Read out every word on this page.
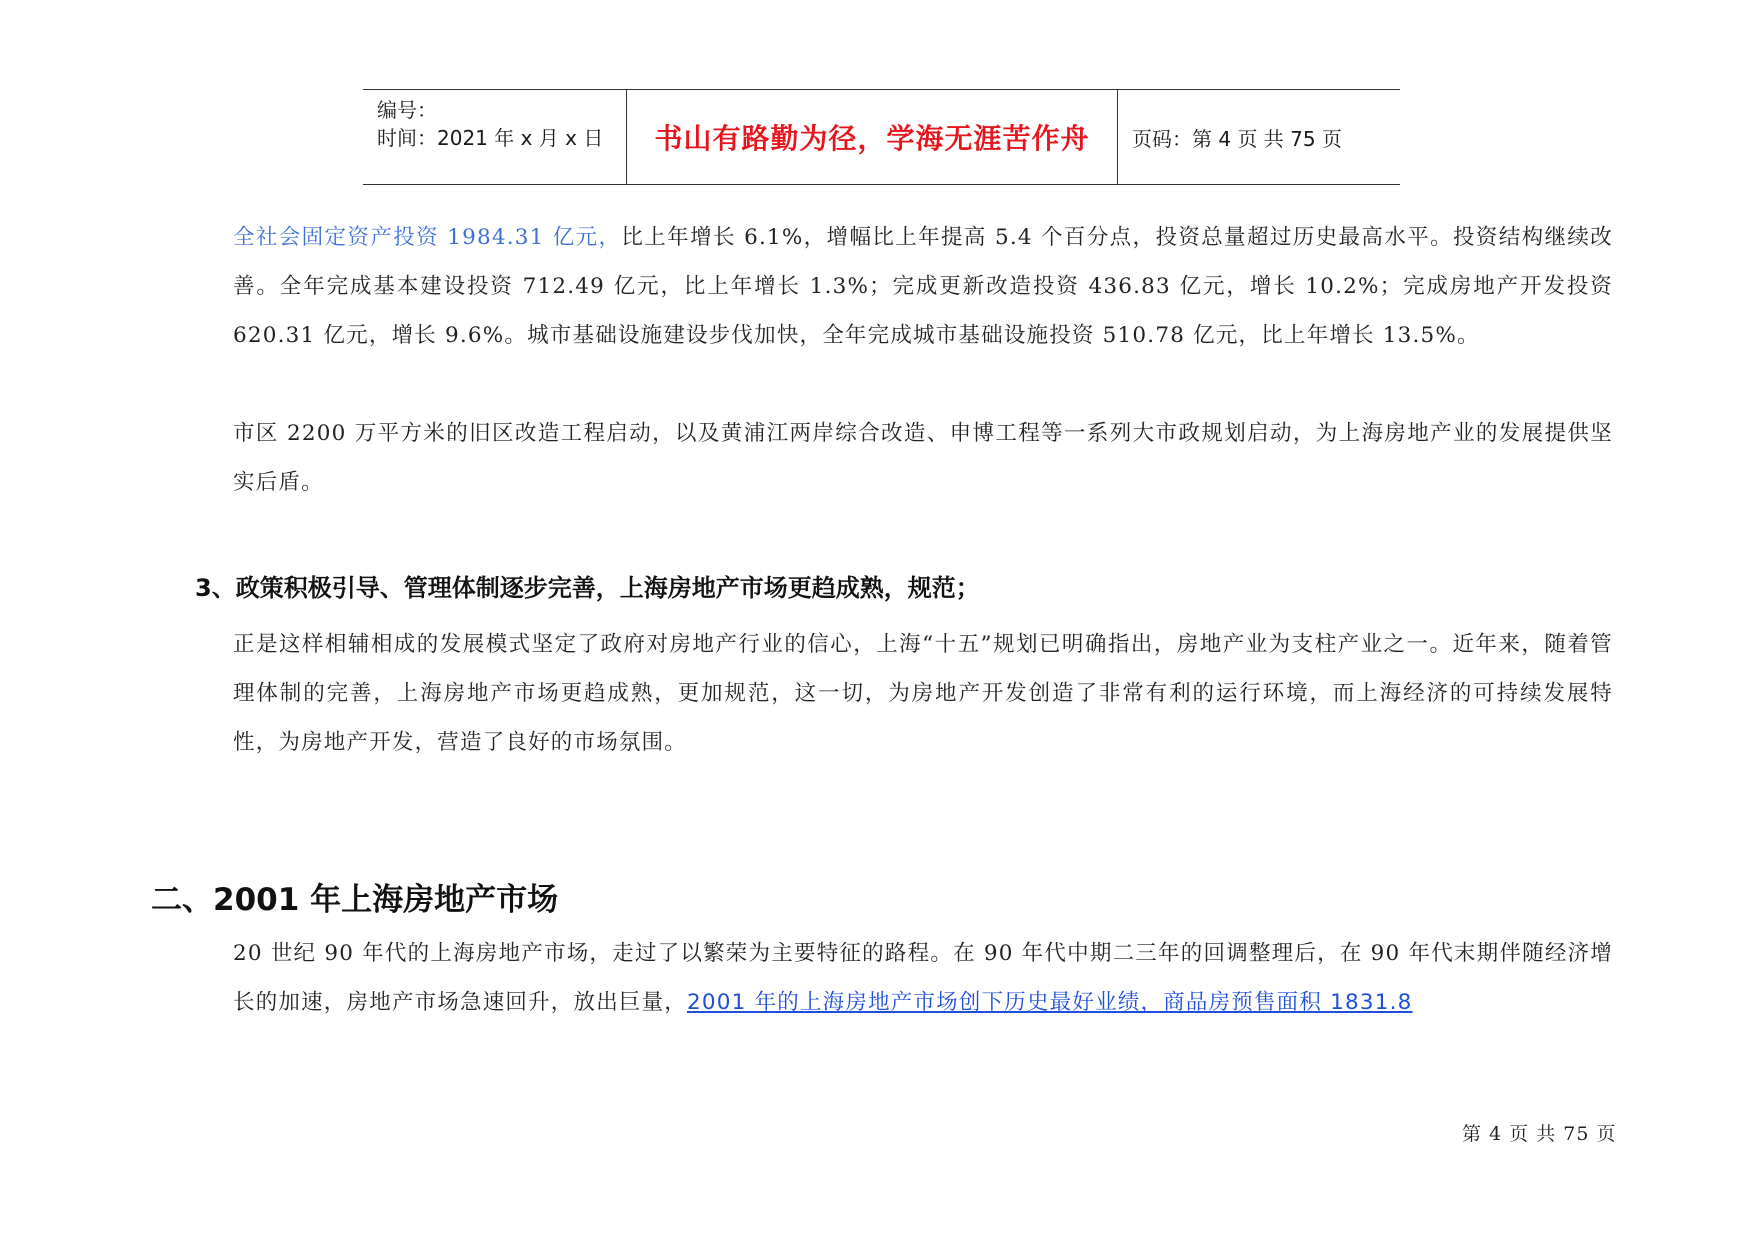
编号：
时间：2021 年 x 月 x 日 书山有路勤为径，学海无涯苦作舟 页码：第 4 页 共 75 页

全社会固定资产投资 1984.31 亿元，比上年增长 6.1%，增幅比上年提高 5.4 个百分点，投资总量超过历史最高水平。投资结构继续改善。全年完成基本建设投资 712.49 亿元，比上年增长 1.3%；完成更新改造投资 436.83 亿元，增长 10.2%；完成房地产开发投资 620.31 亿元，增长 9.6%。城市基础设施建设步伐加快，全年完成城市基础设施投资 510.78 亿元，比上年增长 13.5%。

市区 2200 万平方米的旧区改造工程启动，以及黄浦江两岸综合改造、申博工程等一系列大市政规划启动，为上海房地产业的发展提供坚实后盾。

3、政策积极引导、管理体制逐步完善，上海房地产市场更趋成熟，规范；

正是这样相辅相成的发展模式坚定了政府对房地产行业的信心，上海“十五”规划已明确指出，房地产业为支柱产业之一。近年来，随着管理体制的完善，上海房地产市场更趋成熟，更加规范，这一切，为房地产开发创造了非常有利的运行环境，而上海经济的可持续发展特性，为房地产开发，营造了良好的市场氛围。

二、2001 年上海房地产市场

20 世纪 90 年代的上海房地产市场，走过了以繁荣为主要特征的路程。在 90 年代中期二三年的回调整理后，在 90 年代末期伴随经济增长的加速，房地产市场急速回升，放出巨量，2001 年的上海房地产市场创下历史最好业绩，商品房预售面积 1831.8

第 4 页 共 75 页
